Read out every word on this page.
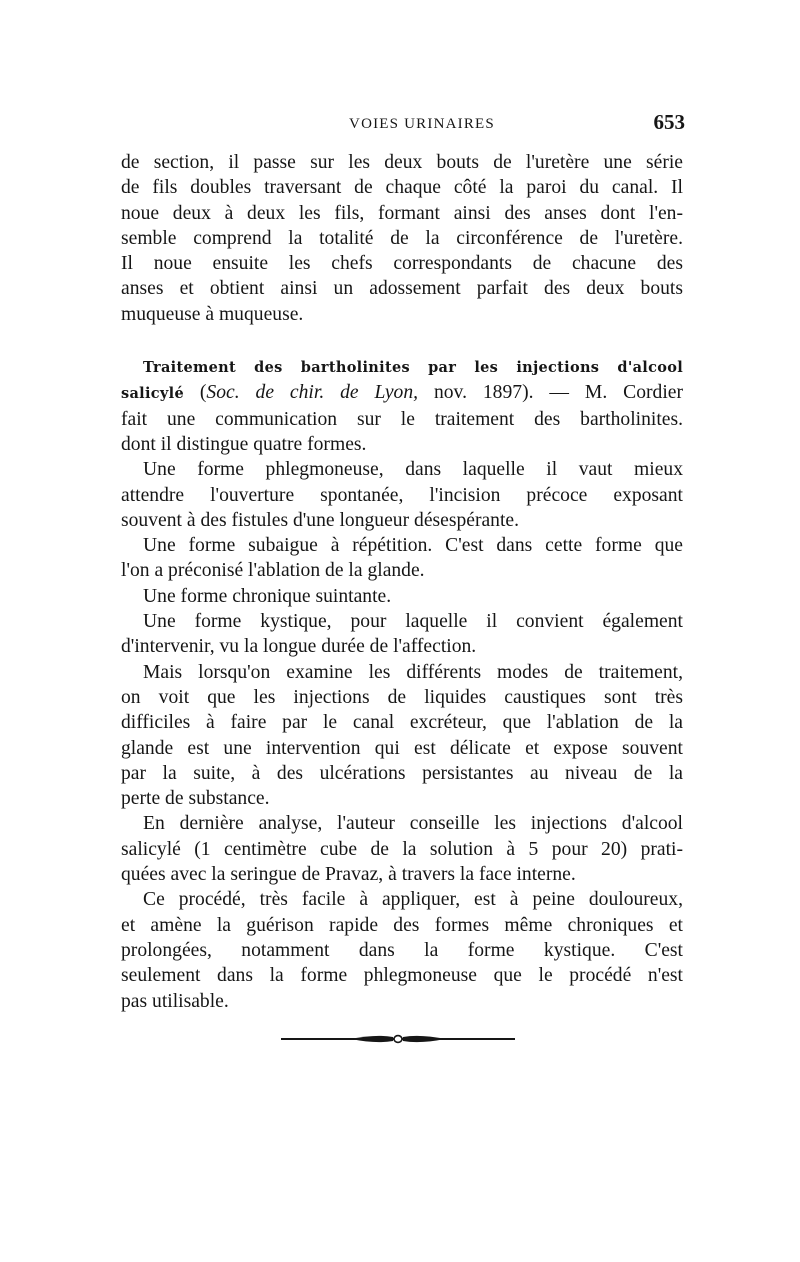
VOIES URINAIRES	653
de section, il passe sur les deux bouts de l'uretère une série
de fils doubles traversant de chaque côté la paroi du canal. Il
noue deux à deux les fils, formant ainsi des anses dont l'en-
semble comprend la totalité de la circonférence de l'uretère.
Il noue ensuite les chefs correspondants de chacune des
anses et obtient ainsi un adossement parfait des deux bouts
muqueuse à muqueuse.
Traitement des bartholinites par les injections d'alcool
salicylé (Soc. de chir. de Lyon, nov. 1897). — M. Cordier
fait une communication sur le traitement des bartholinites.
dont il distingue quatre formes.
Une forme phlegmoneuse, dans laquelle il vaut mieux
attendre l'ouverture spontanée, l'incision précoce exposant
souvent à des fistules d'une longueur désespérante.
Une forme subaigue à répétition. C'est dans cette forme que
l'on a préconisé l'ablation de la glande.
Une forme chronique suintante.
Une forme kystique, pour laquelle il convient également
d'intervenir, vu la longue durée de l'affection.
Mais lorsqu'on examine les différents modes de traitement,
on voit que les injections de liquides caustiques sont très
difficiles à faire par le canal excréteur, que l'ablation de la
glande est une intervention qui est délicate et expose souvent
par la suite, à des ulcérations persistantes au niveau de la
perte de substance.
En dernière analyse, l'auteur conseille les injections d'alcool
salicylé (1 centimètre cube de la solution à 5 pour 20) prati-
quées avec la seringue de Pravaz, à travers la face interne.
Ce procédé, très facile à appliquer, est à peine douloureux,
et amène la guérison rapide des formes même chroniques et
prolongées, notamment dans la forme kystique. C'est
seulement dans la forme phlegmoneuse que le procédé n'est
pas utilisable.
